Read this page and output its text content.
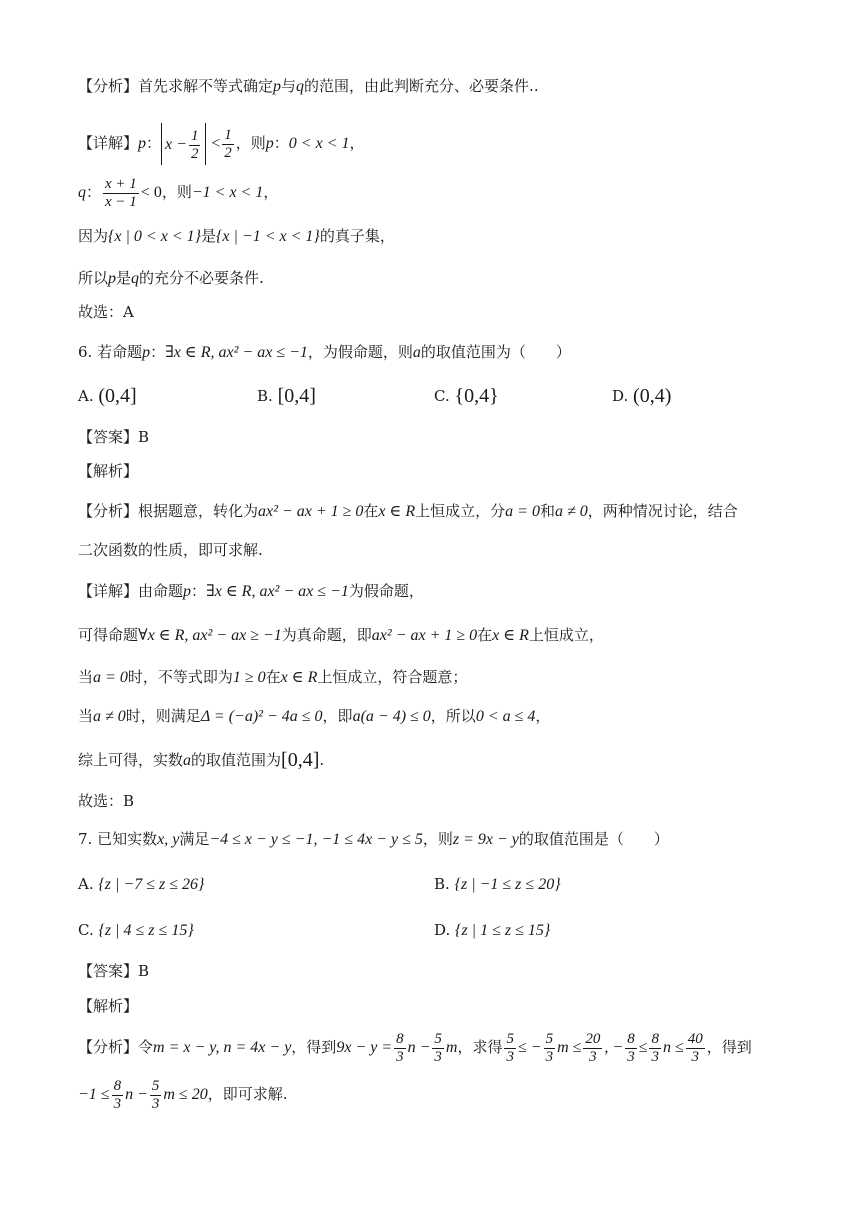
【分析】首先求解不等式确定p与q的范围，由此判断充分、必要条件..
【详解】p： $x - \frac{1}{2} < \frac{1}{2}$ ，则p：0 < x < 1，
q： $\frac{x + 1}{x - 1} < 0$，则−1 < x < 1，
因为{x | 0 < x < 1}是{x | −1 < x < 1}的真子集，
所以p是q的充分不必要条件.
故选：A
6. 若命题p：∃x ∈ R, ax² − ax ≤ −1，为假命题，则a的取值范围为（　　）
A. (0,4]	B. [0,4]	C. {0,4}	D. (0,4)
【答案】B
【解析】
【分析】根据题意，转化为ax² − ax + 1 ≥ 0在x ∈ R上恒成立，分a = 0和a ≠ 0，两种情况讨论，结合
二次函数的性质，即可求解.
【详解】由命题p：∃x ∈ R, ax² − ax ≤ −1为假命题，
可得命题∀x ∈ R, ax² − ax ≥ −1为真命题，即ax² − ax + 1 ≥ 0在x ∈ R上恒成立，
当a = 0时，不等式即为1 ≥ 0在x ∈ R上恒成立，符合题意；
当a ≠ 0时，则满足Δ = (−a)² − 4a ≤ 0，即a(a − 4) ≤ 0，所以0 < a ≤ 4，
综上可得，实数a的取值范围为[0,4].
故选：B
7. 已知实数x, y满足−4 ≤ x − y ≤ −1, −1 ≤ 4x − y ≤ 5，则z = 9x − y的取值范围是（　　）
A. {z | −7 ≤ z ≤ 26}	B. {z | −1 ≤ z ≤ 20}
C. {z | 4 ≤ z ≤ 15}	D. {z | 1 ≤ z ≤ 15}
【答案】B
【解析】
【分析】令m = x − y, n = 4x − y，得到$9x - y = \frac{8}{3}$ $n - \frac{5}{3}$ m，求得 $\frac{5}{3}$ ≤ − $\frac{5}{3}$ $m \le \frac{20}{3}$ , − $\frac{8}{3} \le \frac{8}{3}$ $n \le \frac{40}{3}$ ，得到
$-1 \le \frac{8}{3}$ $n - \frac{5}{3}$ m ≤ 20，即可求解.
